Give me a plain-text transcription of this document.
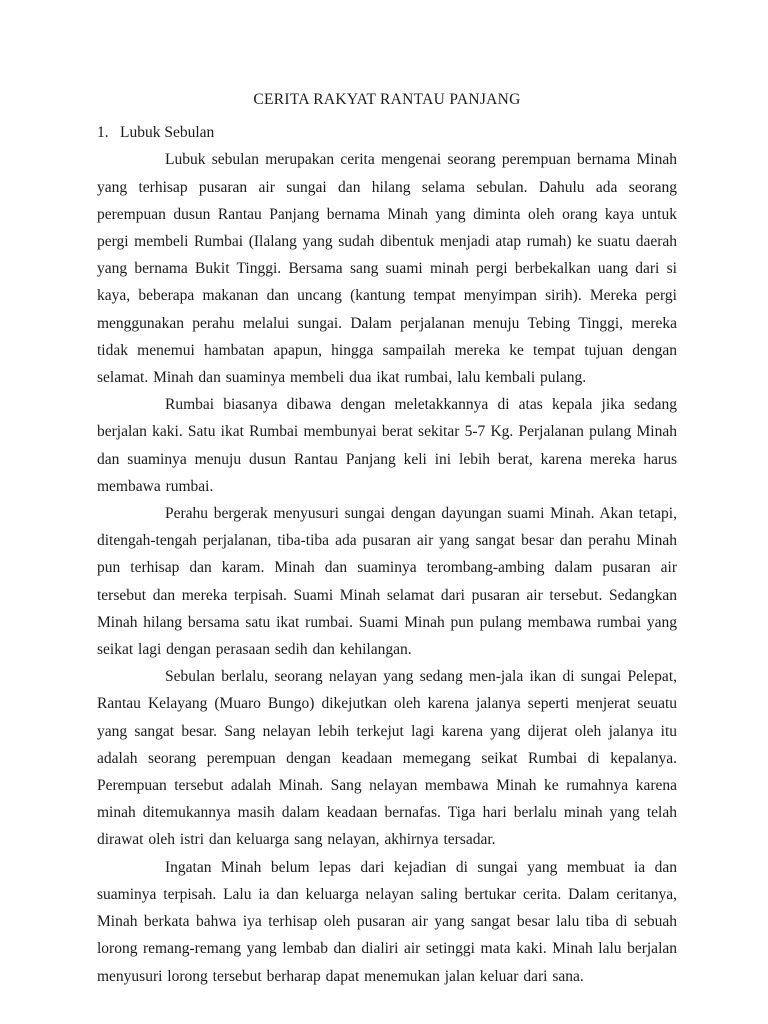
CERITA RAKYAT RANTAU PANJANG
1. Lubuk Sebulan

Lubuk sebulan merupakan cerita mengenai seorang perempuan bernama Minah yang terhisap pusaran air sungai dan hilang selama sebulan. Dahulu ada seorang perempuan dusun Rantau Panjang bernama Minah yang diminta oleh orang kaya untuk pergi membeli Rumbai (Ilalang yang sudah dibentuk menjadi atap rumah) ke suatu daerah yang bernama Bukit Tinggi. Bersama sang suami minah pergi berbekalkan uang dari si kaya, beberapa makanan dan uncang (kantung tempat menyimpan sirih). Mereka pergi menggunakan perahu melalui sungai. Dalam perjalanan menuju Tebing Tinggi, mereka tidak menemui hambatan apapun, hingga sampailah mereka ke tempat tujuan dengan selamat. Minah dan suaminya membeli dua ikat rumbai, lalu kembali pulang.

Rumbai biasanya dibawa dengan meletakkannya di atas kepala jika sedang berjalan kaki. Satu ikat Rumbai membunyai berat sekitar 5-7 Kg. Perjalanan pulang Minah dan suaminya menuju dusun Rantau Panjang keli ini lebih berat, karena mereka harus membawa rumbai.

Perahu bergerak menyusuri sungai dengan dayungan suami Minah. Akan tetapi, ditengah-tengah perjalanan, tiba-tiba ada pusaran air yang sangat besar dan perahu Minah pun terhisap dan karam. Minah dan suaminya terombang-ambing dalam pusaran air tersebut dan mereka terpisah. Suami Minah selamat dari pusaran air tersebut. Sedangkan Minah hilang bersama satu ikat rumbai. Suami Minah pun pulang membawa rumbai yang seikat lagi dengan perasaan sedih dan kehilangan.

Sebulan berlalu, seorang nelayan yang sedang men-jala ikan di sungai Pelepat, Rantau Kelayang (Muaro Bungo) dikejutkan oleh karena jalanya seperti menjerat seuatu yang sangat besar. Sang nelayan lebih terkejut lagi karena yang dijerat oleh jalanya itu adalah seorang perempuan dengan keadaan memegang seikat Rumbai di kepalanya. Perempuan tersebut adalah Minah. Sang nelayan membawa Minah ke rumahnya karena minah ditemukannya masih dalam keadaan bernafas. Tiga hari berlalu minah yang telah dirawat oleh istri dan keluarga sang nelayan, akhirnya tersadar.

Ingatan Minah belum lepas dari kejadian di sungai yang membuat ia dan suaminya terpisah. Lalu ia dan keluarga nelayan saling bertukar cerita. Dalam ceritanya, Minah berkata bahwa iya terhisap oleh pusaran air yang sangat besar lalu tiba di sebuah lorong remang-remang yang lembab dan dialiri air setinggi mata kaki. Minah lalu berjalan menyusuri lorong tersebut berharap dapat menemukan jalan keluar dari sana.
